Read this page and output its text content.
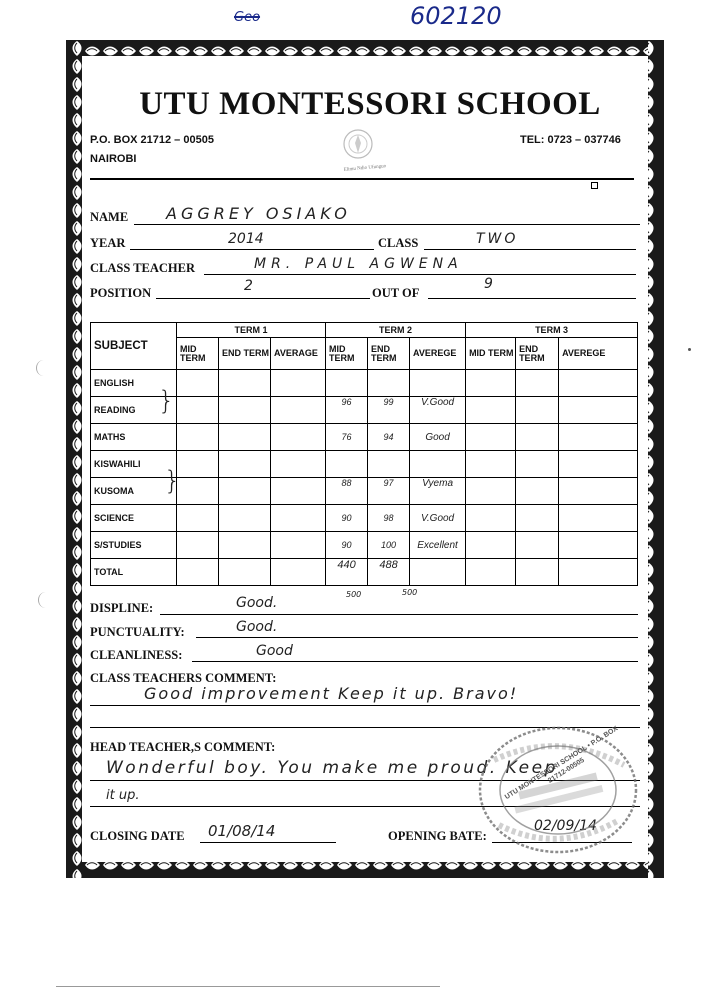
Geo	602120
UTU MONTESSORI SCHOOL
P.O. BOX 21712 – 00505
NAIROBI
TEL: 0723 – 037746
Elimu Ndio Ufunguo
NAME AGGREY OSIAKO
YEAR	2014	CLASS	TWO
CLASS TEACHER	MR. PAUL AGWENA
POSITION	2	OUT OF
9
SUBJECT	TERM 1			TERM 2			TERM 3		
	MID TERM	END TERM	AVERAGE	MID TERM	END TERM	AVEREGE	MID TERM	END TERM	AVEREGE
ENGLISH									
READING				96	99	V.Good			
MATHS				76	94	Good			
KISWAHILI									
KUSOMA				88	97	Vyema			
SCIENCE				90	98	V.Good			
S/STUDIES				90	100	Excellent			
TOTAL				440	488				
}
}
500	500
DISPLINE:	Good.
PUNCTUALITY:	Good.
CLEANLINESS:	Good
CLASS TEACHERS COMMENT:
Good improvement Keep it up. Bravo!
HEAD TEACHER,S COMMENT:
Wonderful boy. You make me proud. Keep
it up.
CLOSING DATE 01/08/14	OPENING BATE:
02/09/14
UTU MONTESSORI SCHOOL • P.O. BOX 21712-00505
